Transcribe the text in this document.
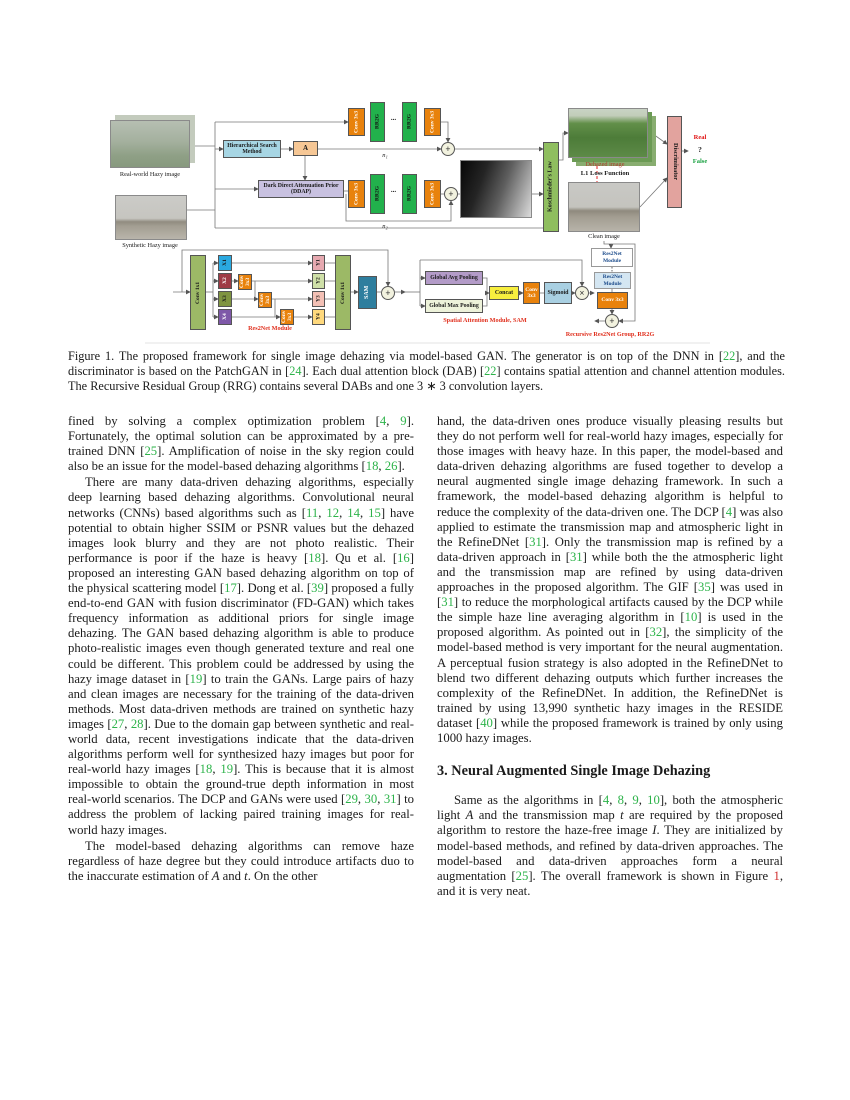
Real-world Hazy image
Synthetic Hazy image
Hierarchical Search Method
A
Dark Direct Attenuation Prior (DDAP)
Conv 3x3	RR2G	...	RR2G	Conv 3x3
+
n₁
Conv 3x3	RR2G	...	RR2G	Conv 3x3	+
n₂
Koschmieder's Law	Dehazed image
L1 Loss Function
Clean image
Discriminator
Real
?
False
Conv 1x1
X1
X2
X3
X4
Conv 3x3
Conv 3x3
Conv 3x3
Y1
Y2
Y3
Y4
Conv 1x1	SAM	+
Res2Net Module
Global Avg Pooling
Global Max Pooling
Concat	Conv 3x3
Sigmoid	×
Spatial Attention Module, SAM
Res2Net Module
Res2Net Module
Conv 3x3
+
Recursive Res2Net Group, RR2G
Figure 1. The proposed framework for single image dehazing via model-based GAN. The generator is on top of the DNN in [22], and the discriminator is based on the PatchGAN in [24]. Each dual attention block (DAB) [22] contains spatial attention and channel attention modules. The Recursive Residual Group (RRG) contains several DABs and one 3 ∗ 3 convolution layers.

fined by solving a complex optimization problem [4, 9]. Fortunately, the optimal solution can be approximated by a pre-trained DNN [25]. Amplification of noise in the sky region could also be an issue for the model-based dehazing algorithms [18, 26].

There are many data-driven dehazing algorithms, especially deep learning based dehazing algorithms. Convolutional neural networks (CNNs) based algorithms such as [11, 12, 14, 15] have potential to obtain higher SSIM or PSNR values but the dehazed images look blurry and they are not photo realistic. Their performance is poor if the haze is heavy [18]. Qu et al. [16] proposed an interesting GAN based dehazing algorithm on top of the physical scattering model [17]. Dong et al. [39] proposed a fully end-to-end GAN with fusion discriminator (FD-GAN) which takes frequency information as additional priors for single image dehazing. The GAN based dehazing algorithm is able to produce photo-realistic images even though generated texture and real one could be different. This problem could be addressed by using the hazy image dataset in [19] to train the GANs. Large pairs of hazy and clean images are necessary for the training of the data-driven methods. Most data-driven methods are trained on synthetic hazy images [27, 28]. Due to the domain gap between synthetic and real-world data, recent investigations indicate that the data-driven algorithms perform well for synthesized hazy images but poor for real-world hazy images [18, 19]. This is because that it is almost impossible to obtain the ground-true depth information in most real-world scenarios. The DCP and GANs were used [29, 30, 31] to address the problem of lacking paired training images for real-world hazy images.

The model-based dehazing algorithms can remove haze regardless of haze degree but they could introduce artifacts duo to the inaccurate estimation of A and t. On the other

hand, the data-driven ones produce visually pleasing results but they do not perform well for real-world hazy images, especially for those images with heavy haze. In this paper, the model-based and data-driven dehazing algorithms are fused together to develop a neural augmented single image dehazing framework. In such a framework, the model-based dehazing algorithm is helpful to reduce the complexity of the data-driven one. The DCP [4] was also applied to estimate the transmission map and atmospheric light in the RefineDNet [31]. Only the transmission map is refined by a data-driven approach in [31] while both the the atmospheric light and the transmission map are refined by using data-driven approaches in the proposed algorithm. The GIF [35] was used in [31] to reduce the morphological artifacts caused by the DCP while the simple haze line averaging algorithm in [10] is used in the proposed algorithm. As pointed out in [32], the simplicity of the model-based method is very important for the neural augmentation. A perceptual fusion strategy is also adopted in the RefineDNet to blend two different dehazing outputs which further increases the complexity of the RefineDNet. In addition, the RefineDNet is trained by using 13,990 synthetic hazy images in the RESIDE dataset [40] while the proposed framework is trained by only using 1000 hazy images.

3. Neural Augmented Single Image Dehazing

Same as the algorithms in [4, 8, 9, 10], both the atmospheric light A and the transmission map t are required by the proposed algorithm to restore the haze-free image I. They are initialized by model-based methods, and refined by data-driven approaches. The model-based and data-driven approaches form a neural augmentation [25]. The overall framework is shown in Figure 1, and it is very neat.
